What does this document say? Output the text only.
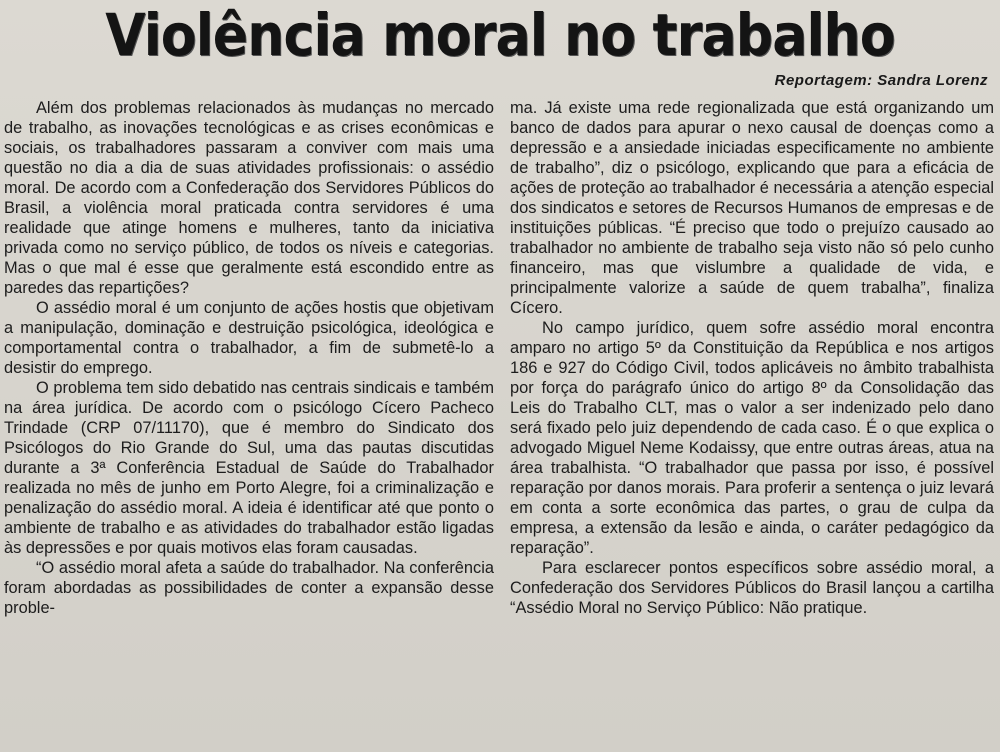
Violência moral no trabalho
Reportagem: Sandra Lorenz

Além dos problemas relacionados às mudanças no mercado de trabalho, as inovações tecnológicas e as crises econômicas e sociais, os trabalhadores passaram a conviver com mais uma questão no dia a dia de suas atividades profissionais: o assédio moral. De acordo com a Confederação dos Servidores Públicos do Brasil, a violência moral praticada contra servidores é uma realidade que atinge homens e mulheres, tanto da iniciativa privada como no serviço público, de todos os níveis e categorias. Mas o que mal é esse que geralmente está escondido entre as paredes das repartições?

O assédio moral é um conjunto de ações hostis que objetivam a manipulação, dominação e destruição psicológica, ideológica e comportamental contra o trabalhador, a fim de submetê-lo a desistir do emprego.

O problema tem sido debatido nas centrais sindicais e também na área jurídica. De acordo com o psicólogo Cícero Pacheco Trindade (CRP 07/11170), que é membro do Sindicato dos Psicólogos do Rio Grande do Sul, uma das pautas discutidas durante a 3ª Conferência Estadual de Saúde do Trabalhador realizada no mês de junho em Porto Alegre, foi a criminalização e penalização do assédio moral. A ideia é identificar até que ponto o ambiente de trabalho e as atividades do trabalhador estão ligadas às depressões e por quais motivos elas foram causadas.

“O assédio moral afeta a saúde do trabalhador. Na conferência foram abordadas as possibilidades de conter a expansão desse proble-

ma. Já existe uma rede regionalizada que está organizando um banco de dados para apurar o nexo causal de doenças como a depressão e a ansiedade iniciadas especificamente no ambiente de trabalho”, diz o psicólogo, explicando que para a eficácia de ações de proteção ao trabalhador é necessária a atenção especial dos sindicatos e setores de Recursos Humanos de empresas e de instituições públicas. “É preciso que todo o prejuízo causado ao trabalhador no ambiente de trabalho seja visto não só pelo cunho financeiro, mas que vislumbre a qualidade de vida, e principalmente valorize a saúde de quem trabalha”, finaliza Cícero.

No campo jurídico, quem sofre assédio moral encontra amparo no artigo 5º da Constituição da República e nos artigos 186 e 927 do Código Civil, todos aplicáveis no âmbito trabalhista por força do parágrafo único do artigo 8º da Consolidação das Leis do Trabalho CLT, mas o valor a ser indenizado pelo dano será fixado pelo juiz dependendo de cada caso. É o que explica o advogado Miguel Neme Kodaissy, que entre outras áreas, atua na área trabalhista. “O trabalhador que passa por isso, é possível reparação por danos morais. Para proferir a sentença o juiz levará em conta a sorte econômica das partes, o grau de culpa da empresa, a extensão da lesão e ainda, o caráter pedagógico da reparação”.

Para esclarecer pontos específicos sobre assédio moral, a Confederação dos Servidores Públicos do Brasil lançou a cartilha “Assédio Moral no Serviço Público: Não pratique.
